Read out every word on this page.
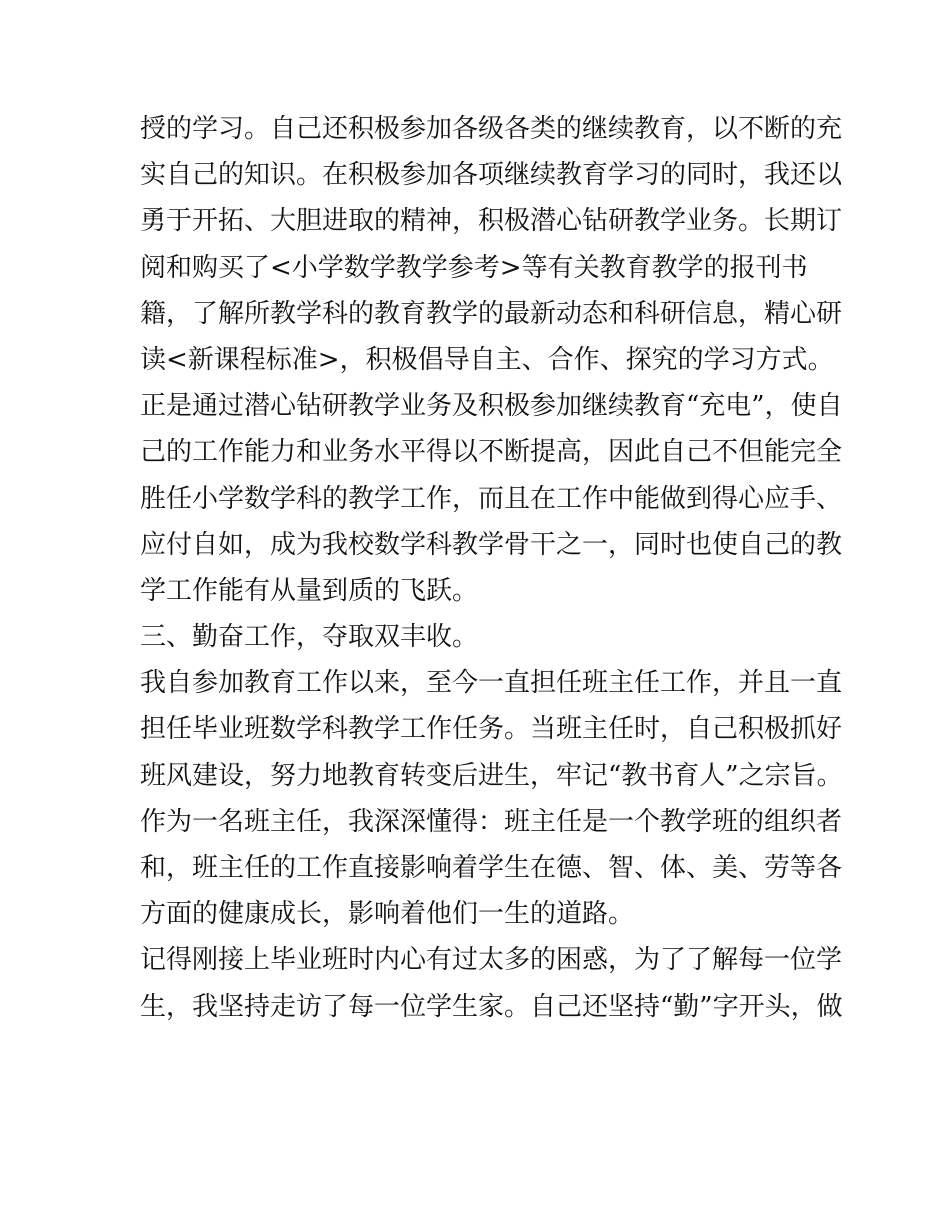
授的学习。自己还积极参加各级各类的继续教育，以不断的充
实自己的知识。在积极参加各项继续教育学习的同时，我还以
勇于开拓、大胆进取的精神，积极潜心钻研教学业务。长期订
阅和购买了<小学数学教学参考>等有关教育教学的报刊书
籍，了解所教学科的教育教学的最新动态和科研信息，精心研
读<新课程标准>，积极倡导自主、合作、探究的学习方式。
正是通过潜心钻研教学业务及积极参加继续教育“充电”，使自
己的工作能力和业务水平得以不断提高，因此自己不但能完全
胜任小学数学科的教学工作，而且在工作中能做到得心应手、
应付自如，成为我校数学科教学骨干之一，同时也使自己的教
学工作能有从量到质的飞跃。
三、勤奋工作，夺取双丰收。
我自参加教育工作以来，至今一直担任班主任工作，并且一直
担任毕业班数学科教学工作任务。当班主任时，自己积极抓好
班风建设，努力地教育转变后进生，牢记“教书育人”之宗旨。
作为一名班主任，我深深懂得：班主任是一个教学班的组织者
和，班主任的工作直接影响着学生在德、智、体、美、劳等各
方面的健康成长，影响着他们一生的道路。
记得刚接上毕业班时内心有过太多的困惑，为了了解每一位学
生，我坚持走访了每一位学生家。自己还坚持“勤”字开头，做
